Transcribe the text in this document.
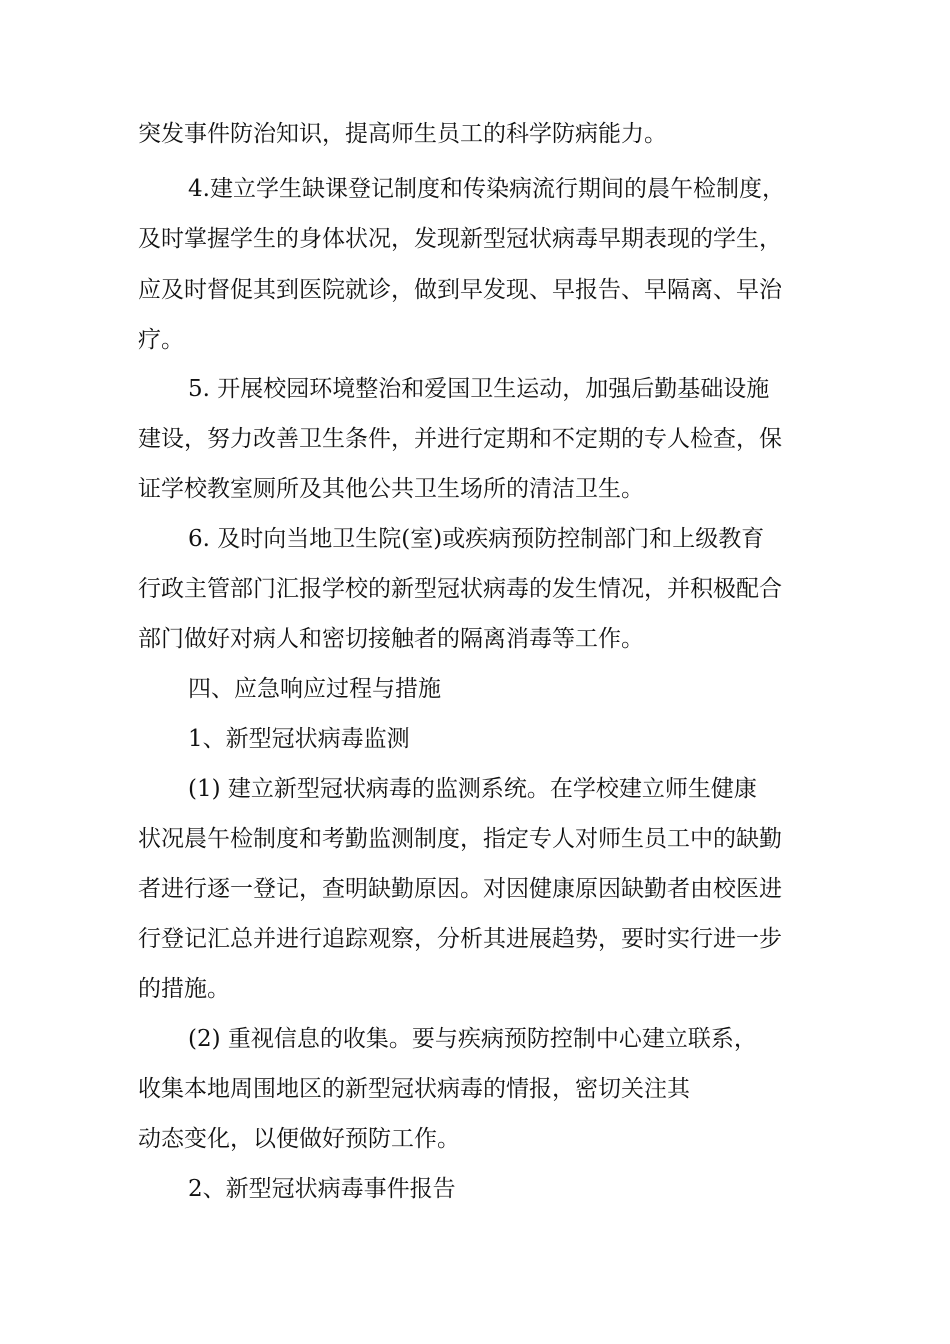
突发事件防治知识，提高师生员工的科学防病能力。
4.建立学生缺课登记制度和传染病流行期间的晨午检制度，
及时掌握学生的身体状况，发现新型冠状病毒早期表现的学生，
应及时督促其到医院就诊，做到早发现、早报告、早隔离、早治
疗。
5. 开展校园环境整治和爱国卫生运动，加强后勤基础设施
建设，努力改善卫生条件，并进行定期和不定期的专人检查，保
证学校教室厕所及其他公共卫生场所的清洁卫生。
6. 及时向当地卫生院(室)或疾病预防控制部门和上级教育
行政主管部门汇报学校的新型冠状病毒的发生情况，并积极配合
部门做好对病人和密切接触者的隔离消毒等工作。
四、应急响应过程与措施
1、新型冠状病毒监测
(1) 建立新型冠状病毒的监测系统。在学校建立师生健康
状况晨午检制度和考勤监测制度，指定专人对师生员工中的缺勤
者进行逐一登记，查明缺勤原因。对因健康原因缺勤者由校医进
行登记汇总并进行追踪观察，分析其进展趋势，要时实行进一步
的措施。
(2) 重视信息的收集。要与疾病预防控制中心建立联系，
收集本地周围地区的新型冠状病毒的情报，密切关注其
动态变化，以便做好预防工作。
2、新型冠状病毒事件报告
